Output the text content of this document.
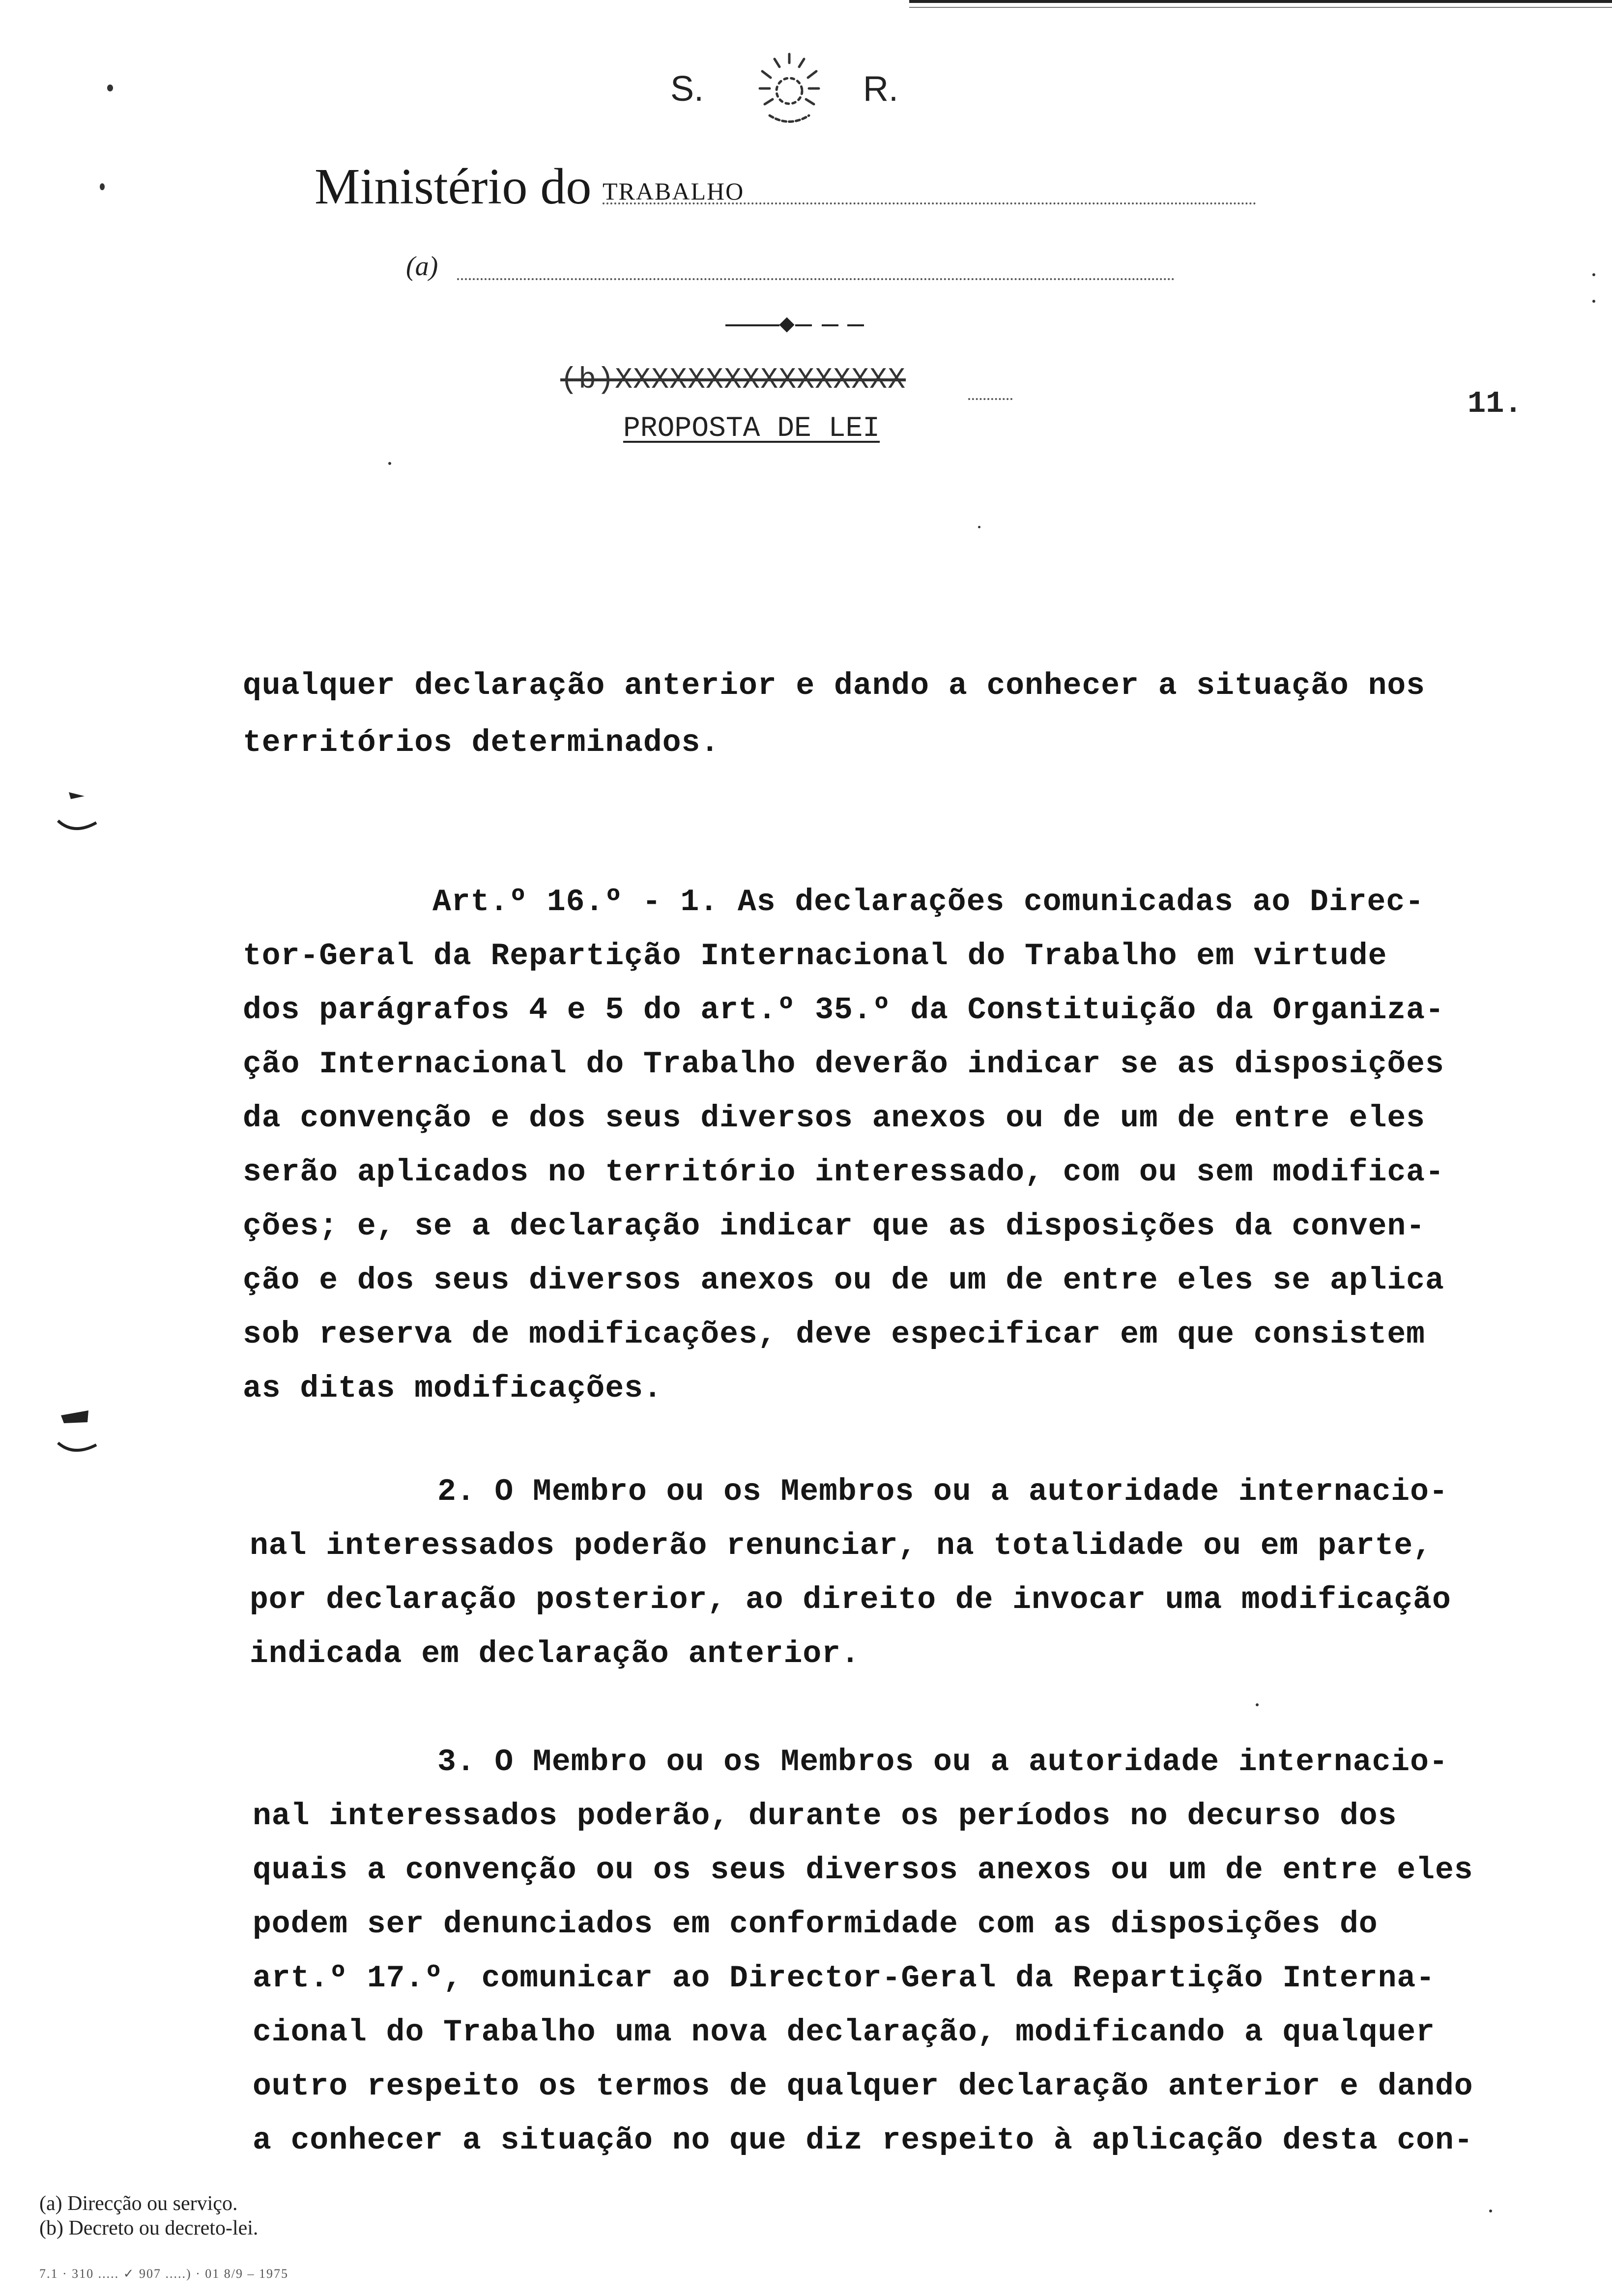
S.	R.
Ministério do TRABALHO
(a)
(b)XXXXXXXXXXXXXXXX
PROPOSTA DE LEI
11.
qualquer declaração anterior e dando a conhecer a situação nos
territórios determinados.
Art.º 16.º - 1. As declarações comunicadas ao Direc-
tor-Geral da Repartição Internacional do Trabalho em virtude
dos parágrafos 4 e 5 do art.º 35.º da Constituição da Organiza-
ção Internacional do Trabalho deverão indicar se as disposições
da convenção e dos seus diversos anexos ou de um de entre eles
serão aplicados no território interessado, com ou sem modifica-
ções; e, se a declaração indicar que as disposições da conven-
ção e dos seus diversos anexos ou de um de entre eles se aplica
sob reserva de modificações, deve especificar em que consistem
as ditas modificações.
2. O Membro ou os Membros ou a autoridade internacio-
nal interessados poderão renunciar, na totalidade ou em parte,
por declaração posterior, ao direito de invocar uma modificação
indicada em declaração anterior.
3. O Membro ou os Membros ou a autoridade internacio-
nal interessados poderão, durante os períodos no decurso dos
quais a convenção ou os seus diversos anexos ou um de entre eles
podem ser denunciados em conformidade com as disposições do
art.º 17.º, comunicar ao Director-Geral da Repartição Interna-
cional do Trabalho uma nova declaração, modificando a qualquer
outro respeito os termos de qualquer declaração anterior e dando
a conhecer a situação no que diz respeito à aplicação desta con-
(a) Direcção ou serviço.
(b) Decreto ou decreto-lei.
7.1 · 310 ..... ✓ 907 .....) · 01 8/9 – 1975
